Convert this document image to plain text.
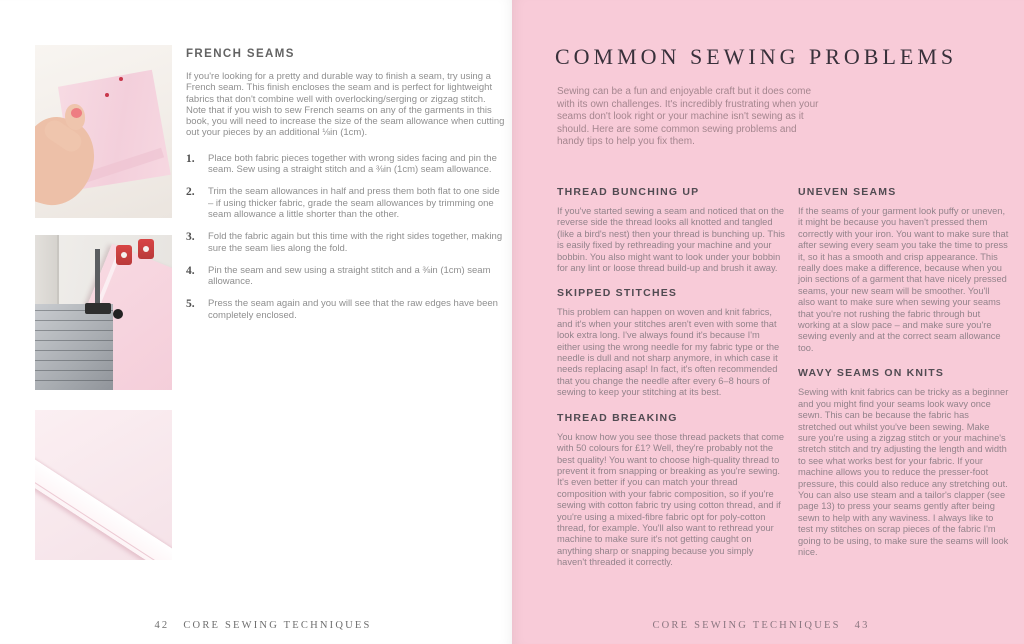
FRENCH SEAMS

If you're looking for a pretty and durable way to finish a seam, try using a French seam. This finish encloses the seam and is perfect for lightweight fabrics that don't combine well with overlocking/serging or zigzag stitch. Note that if you wish to sew French seams on any of the garments in this book, you will need to increase the size of the seam allowance when cutting out your pieces by an additional ⅛in (1cm).

1.	Place both fabric pieces together with wrong sides facing and pin the seam. Sew using a straight stitch and a ⅜in (1cm) seam allowance.
2.	Trim the seam allowances in half and press them both flat to one side – if using thicker fabric, grade the seam allowances by trimming one seam allowance a little shorter than the other.
3.	Fold the fabric again but this time with the right sides together, making sure the seam lies along the fold.
4.	Pin the seam and sew using a straight stitch and a ⅜in (1cm) seam allowance.
5.	Press the seam again and you will see that the raw edges have been completely enclosed.
42 CORE SEWING TECHNIQUES
COMMON SEWING PROBLEMS

Sewing can be a fun and enjoyable craft but it does come with its own challenges. It's incredibly frustrating when your seams don't look right or your machine isn't sewing as it should. Here are some common sewing problems and handy tips to help you fix them.

THREAD BUNCHING UP

If you've started sewing a seam and noticed that on the reverse side the thread looks all knotted and tangled (like a bird's nest) then your thread is bunching up. This is easily fixed by rethreading your machine and your bobbin. You also might want to look under your bobbin for any lint or loose thread build-up and brush it away.

SKIPPED STITCHES

This problem can happen on woven and knit fabrics, and it's when your stitches aren't even with some that look extra long. I've always found it's because I'm either using the wrong needle for my fabric type or the needle is dull and not sharp anymore, in which case it needs replacing asap! In fact, it's often recommended that you change the needle after every 6–8 hours of sewing to keep your stitching at its best.

THREAD BREAKING

You know how you see those thread packets that come with 50 colours for £1? Well, they're probably not the best quality! You want to choose high-quality thread to prevent it from snapping or breaking as you're sewing. It's even better if you can match your thread composition with your fabric composition, so if you're sewing with cotton fabric try using cotton thread, and if you're using a mixed-fibre fabric opt for poly-cotton thread, for example. You'll also want to rethread your machine to make sure it's not getting caught on anything sharp or snapping because you simply haven't threaded it correctly.

UNEVEN SEAMS

If the seams of your garment look puffy or uneven, it might be because you haven't pressed them correctly with your iron. You want to make sure that after sewing every seam you take the time to press it, so it has a smooth and crisp appearance. This really does make a difference, because when you join sections of a garment that have nicely pressed seams, your new seam will be smoother. You'll also want to make sure when sewing your seams that you're not rushing the fabric through but working at a slow pace – and make sure you're sewing evenly and at the correct seam allowance too.

WAVY SEAMS ON KNITS

Sewing with knit fabrics can be tricky as a beginner and you might find your seams look wavy once sewn. This can be because the fabric has stretched out whilst you've been sewing. Make sure you're using a zigzag stitch or your machine's stretch stitch and try adjusting the length and width to see what works best for your fabric. If your machine allows you to reduce the presser-foot pressure, this could also reduce any stretching out. You can also use steam and a tailor's clapper (see page 13) to press your seams gently after being sewn to help with any waviness. I always like to test my stitches on scrap pieces of the fabric I'm going to be using, to make sure the seams will look nice.

CORE SEWING TECHNIQUES 43
